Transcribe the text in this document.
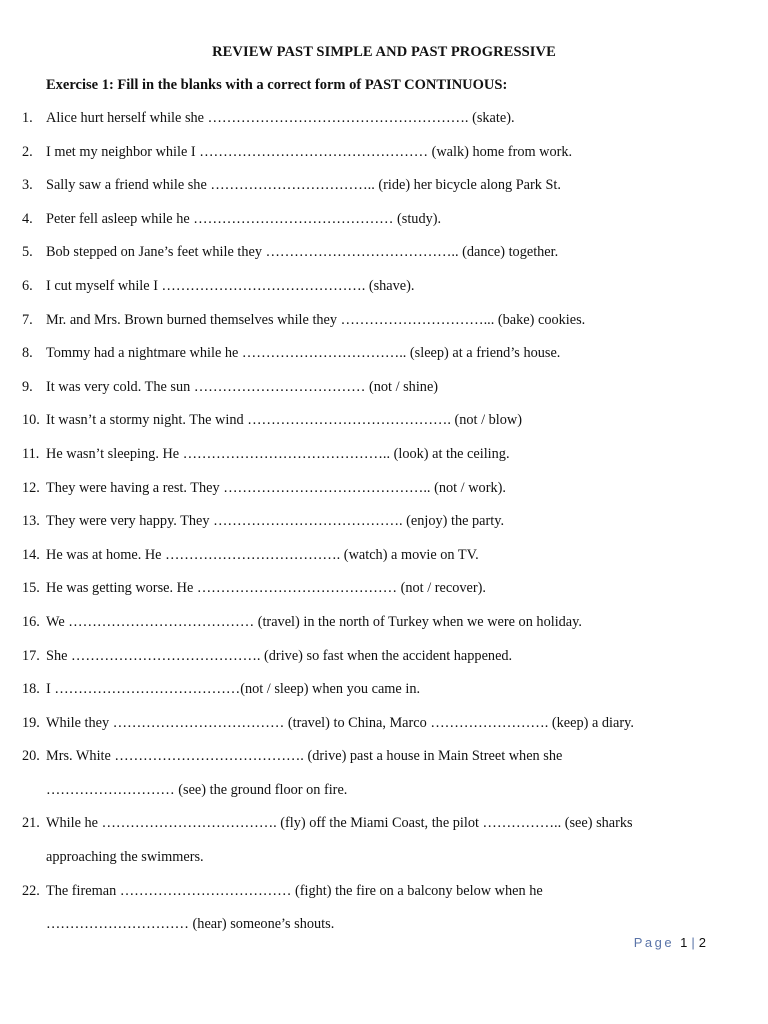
REVIEW PAST SIMPLE AND PAST PROGRESSIVE
Exercise 1: Fill in the blanks with a correct form of PAST CONTINUOUS:
1. Alice hurt herself while she ………………………………………………. (skate).
2. I met my neighbor while I ………………………………………… (walk) home from work.
3. Sally saw a friend while she …………………………….. (ride) her bicycle along Park St.
4. Peter fell asleep while he …………………………………… (study).
5. Bob stepped on Jane’s feet while they ………………………………….. (dance) together.
6. I cut myself while I ……………………………………. (shave).
7. Mr. and Mrs. Brown burned themselves while they …………………………... (bake) cookies.
8. Tommy had a nightmare while he …………………………….. (sleep) at a friend’s house.
9. It was very cold. The sun ……………………………… (not / shine)
10. It wasn’t a stormy night. The wind ……………………………………. (not / blow)
11. He wasn’t sleeping. He …………………………………….. (look) at the ceiling.
12. They were having a rest. They …………………………………….. (not / work).
13. They were very happy. They …………………………………. (enjoy) the party.
14. He was at home. He ………………………………. (watch) a movie on TV.
15. He was getting worse. He …………………………………… (not / recover).
16. We ………………………………… (travel) in the north of Turkey when we were on holiday.
17. She …………………………………. (drive) so fast when the accident happened.
18. I …………………………………(not / sleep) when you came in.
19. While they ……………………………… (travel) to China, Marco ……………………. (keep) a diary.
20. Mrs. White …………………………………. (drive) past a house in Main Street when she
……………………… (see) the ground floor on fire.
21. While he ………………………………. (fly) off the Miami Coast, the pilot …………….. (see) sharks
approaching the swimmers.
22. The fireman ……………………………… (fight) the fire on a balcony below when he
………………………… (hear) someone’s shouts.
Page 1 | 2
